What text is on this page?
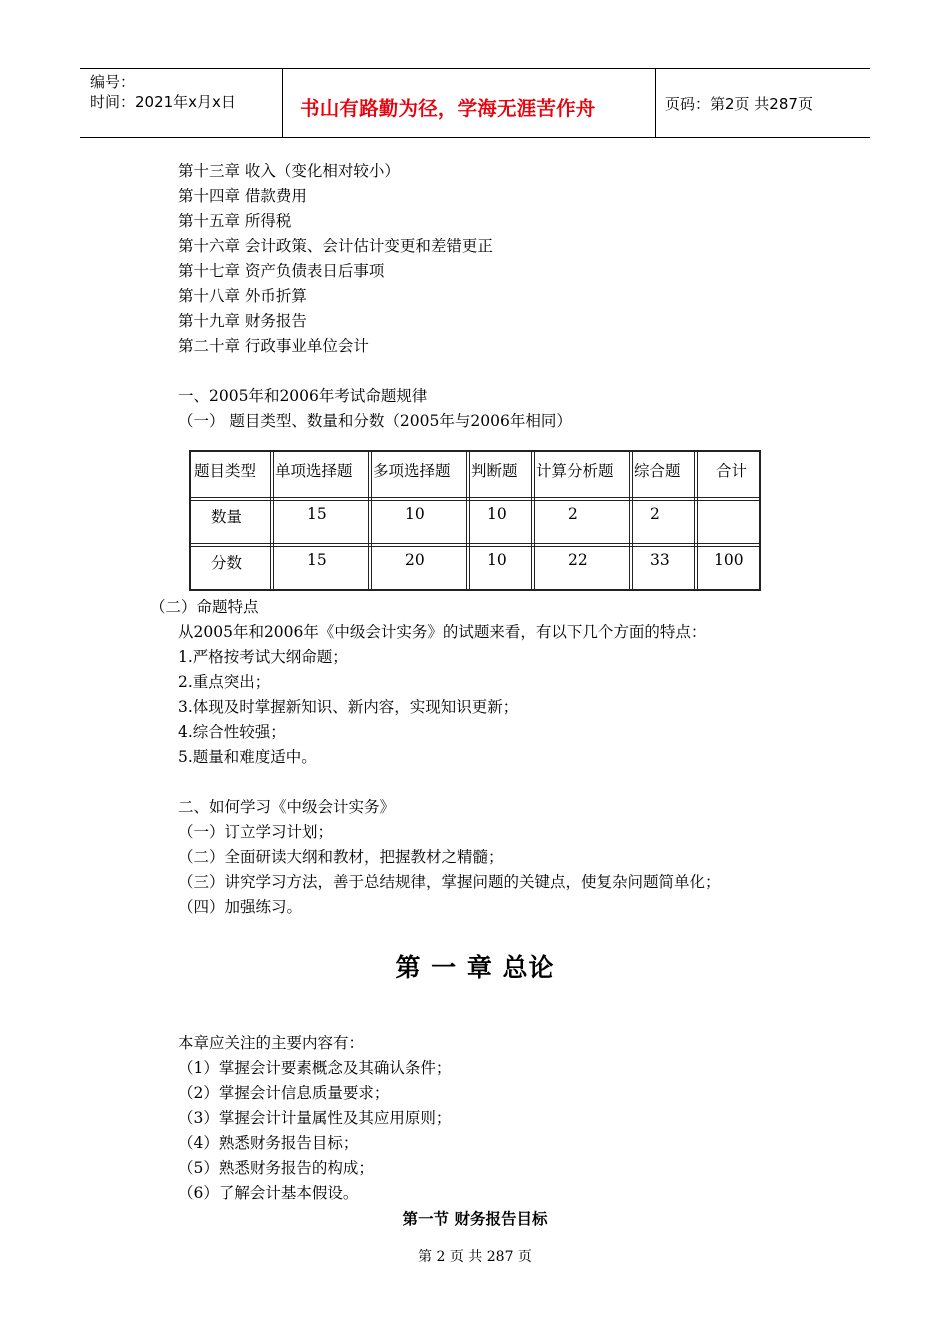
编号：
时间：2021年x月x日	书山有路勤为径，学海无涯苦作舟	页码：第2页 共287页
第十三章 收入（变化相对较小）
第十四章 借款费用
第十五章 所得税
第十六章 会计政策、会计估计变更和差错更正
第十七章 资产负债表日后事项
第十八章 外币折算
第十九章 财务报告
第二十章 行政事业单位会计
一、2005年和2006年考试命题规律
（一） 题目类型、数量和分数（2005年与2006年相同）
题目类型 单项选择题 多项选择题 判断题 计算分析题 综合题 合计
数量	15	10	10	2	2
分数	15	20	10	22	33	100
（二）命题特点
从2005年和2006年《中级会计实务》的试题来看，有以下几个方面的特点：
1.严格按考试大纲命题；
2.重点突出；
3.体现及时掌握新知识、新内容，实现知识更新；
4.综合性较强；
5.题量和难度适中。
二、如何学习《中级会计实务》
（一）订立学习计划；
（二）全面研读大纲和教材，把握教材之精髓；
（三）讲究学习方法，善于总结规律，掌握问题的关键点，使复杂问题简单化；
（四）加强练习。
第 一 章 总论
本章应关注的主要内容有：
（1）掌握会计要素概念及其确认条件；
（2）掌握会计信息质量要求；
（3）掌握会计计量属性及其应用原则；
（4）熟悉财务报告目标；
（5）熟悉财务报告的构成；
（6）了解会计基本假设。
第一节 财务报告目标
第 2 页 共 287 页
